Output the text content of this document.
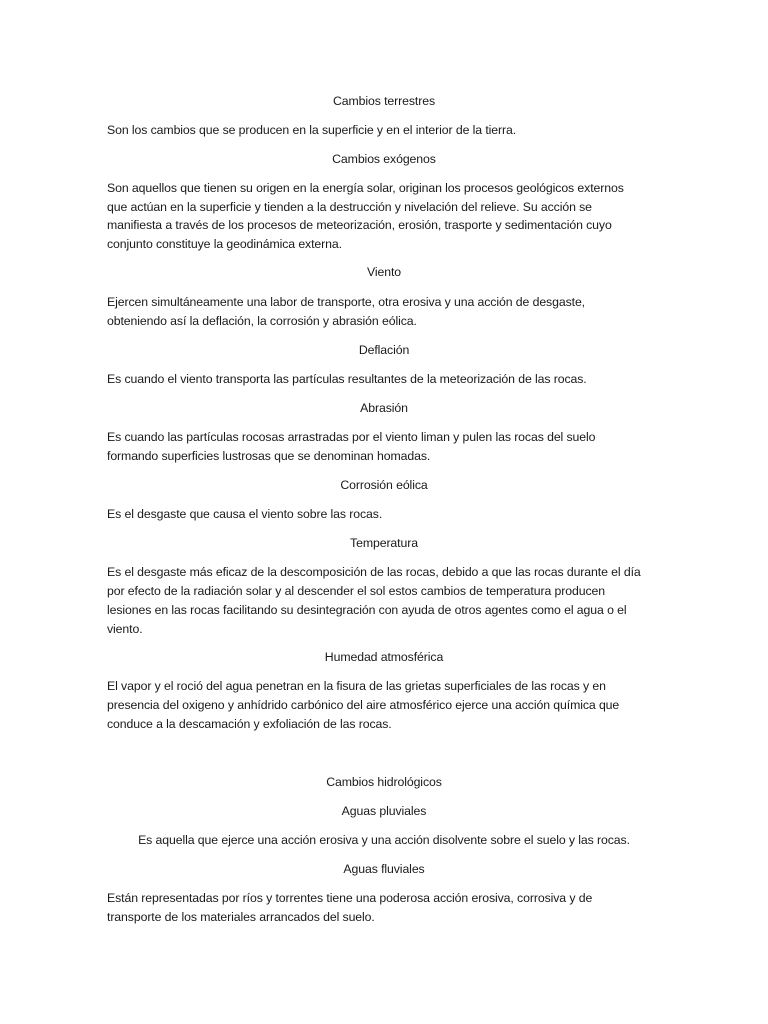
Cambios terrestres
Son los cambios que se producen en la superficie y en el interior de la tierra.
Cambios exógenos
Son aquellos que tienen su origen en la energía solar, originan los procesos geológicos externos
que actúan en la superficie y tienden a la destrucción y nivelación del relieve. Su acción se
manifiesta a través de los procesos de meteorización, erosión, trasporte y sedimentación cuyo
conjunto constituye la geodinámica externa.
Viento
Ejercen simultáneamente una labor de transporte, otra erosiva y una acción de desgaste,
obteniendo así la deflación, la corrosión y abrasión eólica.
Deflación
Es cuando el viento transporta las partículas resultantes de la meteorización de las rocas.
Abrasión
Es cuando las partículas rocosas arrastradas por el viento liman y pulen las rocas del suelo
formando superficies lustrosas que se denominan homadas.
Corrosión eólica
Es el desgaste que causa el viento sobre las rocas.
Temperatura
Es el desgaste más eficaz de la descomposición de las rocas, debido a que las rocas durante el día
por efecto de la radiación solar y al descender el sol estos cambios de temperatura producen
lesiones en las rocas facilitando su desintegración con ayuda de otros agentes como el agua o el
viento.
Humedad atmosférica
El vapor y el roció del agua penetran en la fisura de las grietas superficiales de las rocas y en
presencia del oxigeno y anhídrido carbónico del aire atmosférico ejerce una acción química que
conduce a la descamación y exfoliación de las rocas.
Cambios hidrológicos
Aguas pluviales
Es aquella que ejerce una acción erosiva y una acción disolvente sobre el suelo y las rocas.
Aguas fluviales
Están representadas por ríos y torrentes tiene una poderosa acción erosiva, corrosiva y de
transporte de los materiales arrancados del suelo.
